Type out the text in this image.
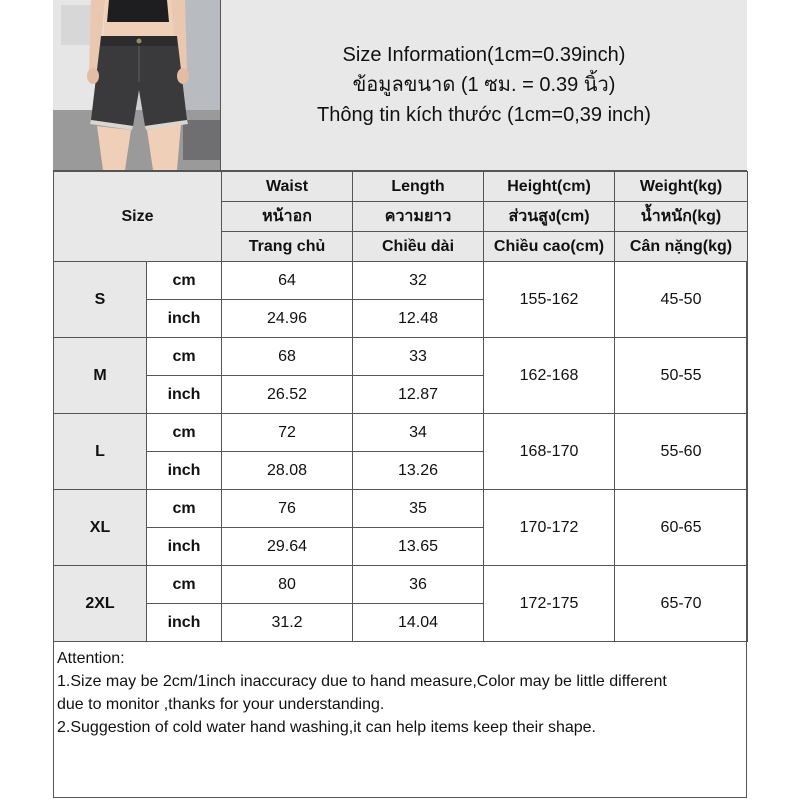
Size Information(1cm=0.39inch)
ข้อมูลขนาด (1 ซม. = 0.39 นิ้ว)
Thông tin kích thước (1cm=0,39 inch)
Size		Waist	Length	Height(cm)	Weight(kg)
		หน้าอก	ความยาว	ส่วนสูง(cm)	น้ำหนัก(kg)
		Trang chủ	Chiều dài	Chiều cao(cm)	Cân nặng(kg)
S	cm	64	32	155-162	45-50
	inch	24.96	12.48		
M	cm	68	33	162-168	50-55
	inch	26.52	12.87		
L	cm	72	34	168-170	55-60
	inch	28.08	13.26		
XL	cm	76	35	170-172	60-65
	inch	29.64	13.65		
2XL	cm	80	36	172-175	65-70
	inch	31.2	14.04		
Attention:
1.Size may be 2cm/1inch inaccuracy due to hand measure,Color may be little different
due to monitor ,thanks for your understanding.
2.Suggestion of cold water hand washing,it can help items keep their shape.
